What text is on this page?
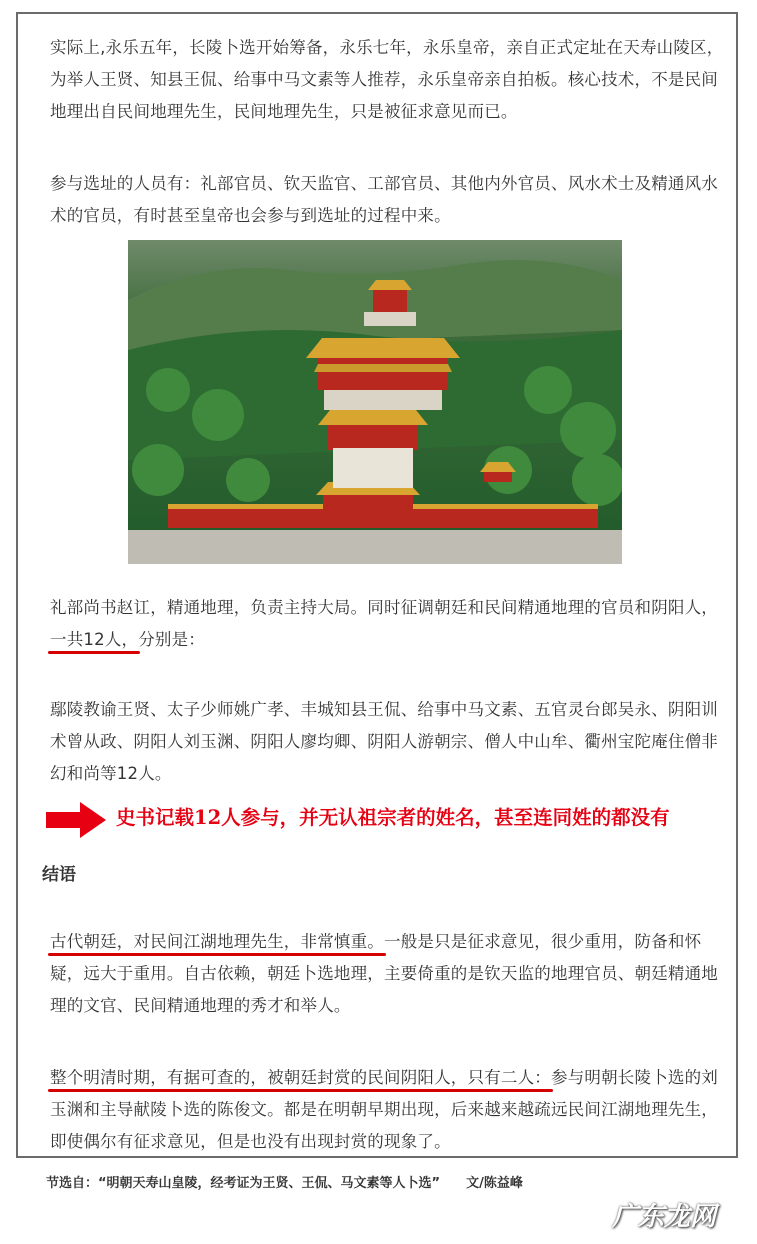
实际上,永乐五年，长陵卜选开始筹备，永乐七年，永乐皇帝，亲自正式定址在天寿山陵区，为举人王贤、知县王侃、给事中马文素等人推荐，永乐皇帝亲自拍板。核心技术，不是民间地理出自民间地理先生，民间地理先生，只是被征求意见而已。

参与选址的人员有：礼部官员、钦天监官、工部官员、其他内外官员、风水术士及精通风水术的官员，有时甚至皇帝也会参与到选址的过程中来。

礼部尚书赵讧，精通地理，负责主持大局。同时征调朝廷和民间精通地理的官员和阴阳人，一共12人，分别是：

鄢陵教谕王贤、太子少师姚广孝、丰城知县王侃、给事中马文素、五官灵台郎吴永、阴阳训术曾从政、阴阳人刘玉渊、阴阳人廖均卿、阴阳人游朝宗、僧人中山牟、衢州宝陀庵住僧非幻和尚等12人。

史书记载12人参与，并无认祖宗者的姓名，甚至连同姓的都没有

结语

古代朝廷，对民间江湖地理先生，非常慎重。一般是只是征求意见，很少重用，防备和怀疑，远大于重用。自古依赖，朝廷卜选地理，主要倚重的是钦天监的地理官员、朝廷精通地理的文官、民间精通地理的秀才和举人。

整个明清时期，有据可查的，被朝廷封赏的民间阴阳人，只有二人：参与明朝长陵卜选的刘玉渊和主导献陵卜选的陈俊文。都是在明朝早期出现，后来越来越疏远民间江湖地理先生，即使偶尔有征求意见，但是也没有出现封赏的现象了。

节选自：“明朝天寿山皇陵，经考证为王贤、王侃、马文素等人卜选” 文/陈益峰
广东龙网
